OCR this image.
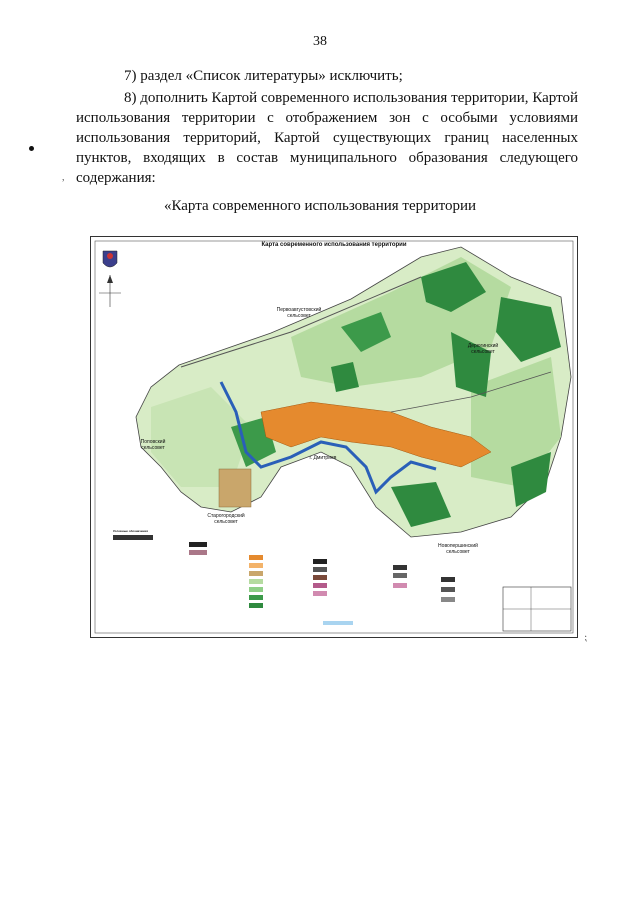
38
,

7) раздел «Список литературы» исключить;

8) дополнить Картой современного использования территории, Картой использования территории с отображением зон с особыми условиями использования территорий, Картой существующих границ населенных пунктов, входящих в состав муниципального образования следующего содержания:

«Карта современного использования территории
Карта современного использования территории
Первоавгустовский сельсовет
Дерюгинский сельсовет
Поповский сельсовет
Старогородский сельсовет
Новопершинский сельсовет
г. Дмитриев
Условные обозначения
⁏
